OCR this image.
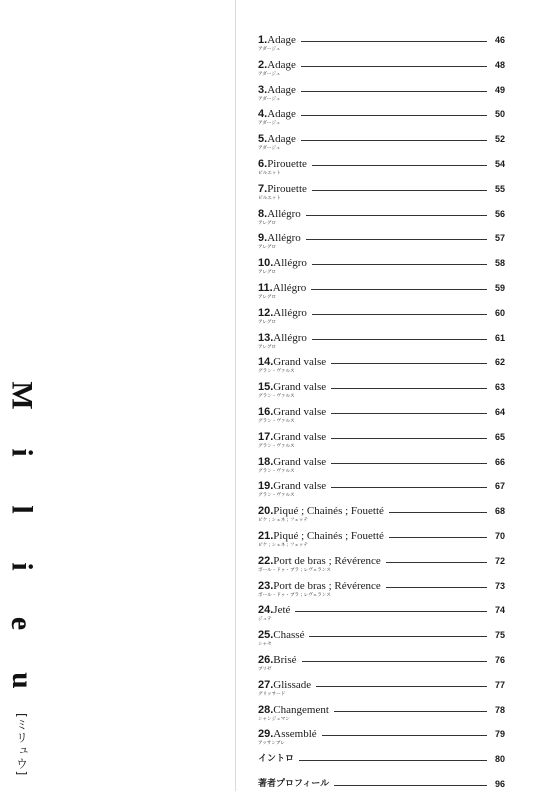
M
i
l
i
e
u
[ミリュウ]
1. Adage	46
アダージュ
2. Adage	48
アダージュ
3. Adage	49
アダージュ
4. Adage	50
アダージュ
5. Adage	52
アダージュ
6. Pirouette	54
ピルエット
7. Pirouette	55
ピルエット
8. Allégro	56
アレグロ
9. Allégro	57
アレグロ
10. Allégro	58
アレグロ
11. Allégro	59
アレグロ
12. Allégro	60
アレグロ
13. Allégro	61
アレグロ
14. Grand valse	62
グラン・ヴァルス
15. Grand valse	63
グラン・ヴァルス
16. Grand valse	64
グラン・ヴァルス
17. Grand valse	65
グラン・ヴァルス
18. Grand valse	66
グラン・ヴァルス
19. Grand valse	67
グラン・ヴァルス
20. Piqué ; Chainés ; Fouetté	68
ピケ ; シェネ ; フェッテ
21. Piqué ; Chainés ; Fouetté	70
ピケ ; シェネ ; フェッテ
22. Port de bras ; Révérence	72
ポール・ドゥ・ブラ ; レヴェランス
23. Port de bras ; Révérence	73
ポール・ドゥ・ブラ ; レヴェランス
24. Jeté	74
ジュテ
25. Chassé	75
シャセ
26. Brisé	76
ブリゼ
27. Glissade	77
グリッサード
28. Changement	78
シャンジュマン
29. Assemblé	79
アッサンブレ
イントロ	80
著者プロフィール	96
